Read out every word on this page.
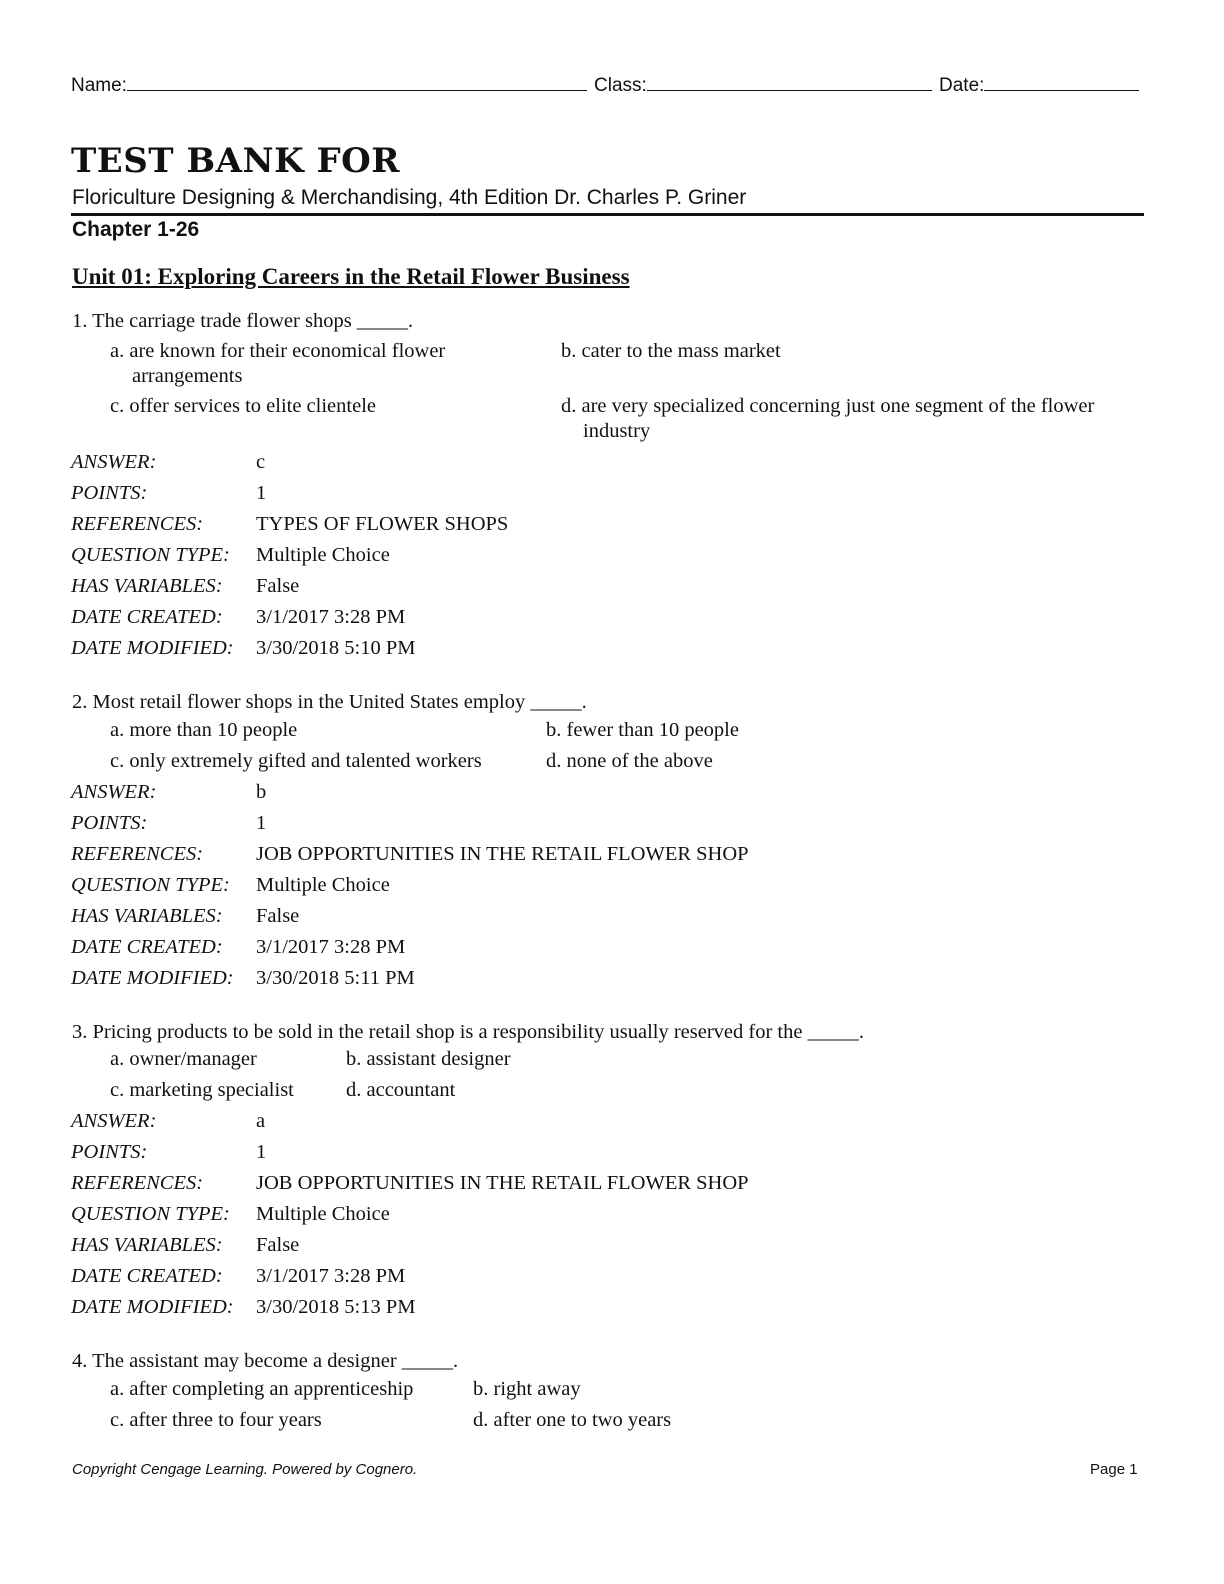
Name:	Class:	Date:
TEST BANK FOR
Floriculture Designing & Merchandising, 4th Edition Dr. Charles P. Griner
Chapter 1-26
Unit 01: Exploring Careers in the Retail Flower Business
1. The carriage trade flower shops _____.
a. are known for their economical flower arrangements
b. cater to the mass market
c. offer services to elite clientele	d. are very specialized concerning just one segment of the flower industry
ANSWER:	c
POINTS:	1
REFERENCES:	TYPES OF FLOWER SHOPS
QUESTION TYPE: Multiple Choice
HAS VARIABLES: False
DATE CREATED: 3/1/2017 3:28 PM
DATE MODIFIED: 3/30/2018 5:10 PM
2. Most retail flower shops in the United States employ _____.
a. more than 10 people	b. fewer than 10 people
c. only extremely gifted and talented workers	d. none of the above
ANSWER:	b
POINTS:	1
REFERENCES:	JOB OPPORTUNITIES IN THE RETAIL FLOWER SHOP
QUESTION TYPE: Multiple Choice
HAS VARIABLES: False
DATE CREATED: 3/1/2017 3:28 PM
DATE MODIFIED: 3/30/2018 5:11 PM
3. Pricing products to be sold in the retail shop is a responsibility usually reserved for the _____.
a. owner/manager	b. assistant designer
c. marketing specialist	d. accountant
ANSWER:	a
POINTS:	1
REFERENCES:	JOB OPPORTUNITIES IN THE RETAIL FLOWER SHOP
QUESTION TYPE: Multiple Choice
HAS VARIABLES: False
DATE CREATED: 3/1/2017 3:28 PM
DATE MODIFIED: 3/30/2018 5:13 PM
4. The assistant may become a designer _____.
a. after completing an apprenticeship	b. right away
c. after three to four years	d. after one to two years
Copyright Cengage Learning. Powered by Cognero.	Page 1
